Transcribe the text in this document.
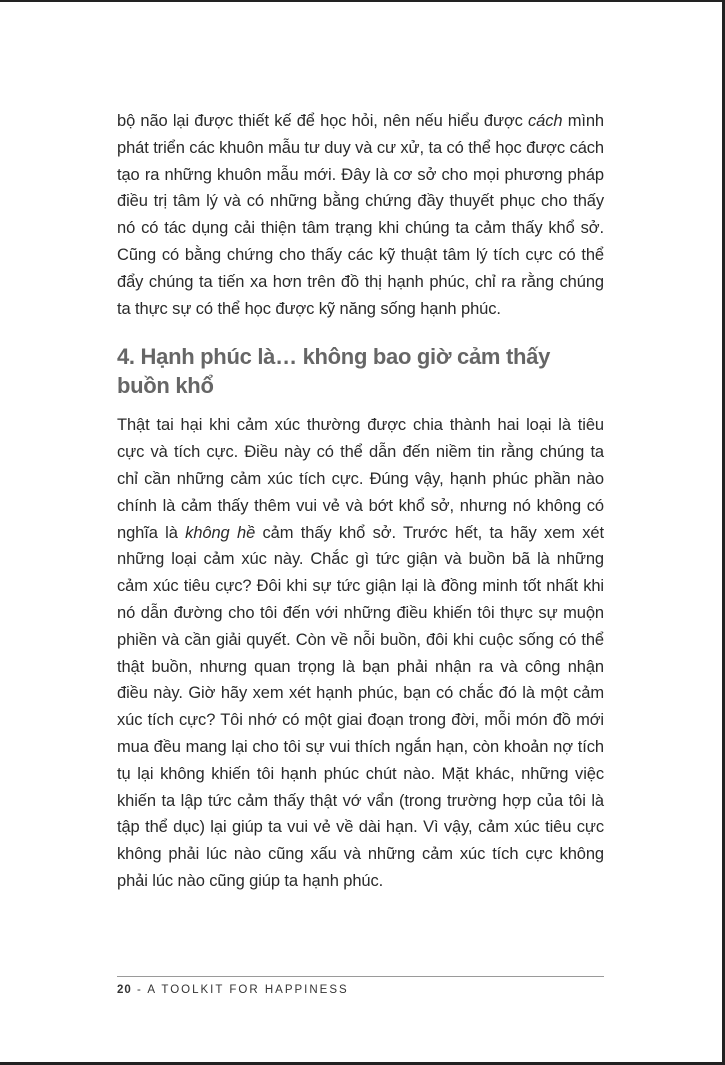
bộ não lại được thiết kế để học hỏi, nên nếu hiểu được cách mình phát triển các khuôn mẫu tư duy và cư xử, ta có thể học được cách tạo ra những khuôn mẫu mới. Đây là cơ sở cho mọi phương pháp điều trị tâm lý và có những bằng chứng đầy thuyết phục cho thấy nó có tác dụng cải thiện tâm trạng khi chúng ta cảm thấy khổ sở. Cũng có bằng chứng cho thấy các kỹ thuật tâm lý tích cực có thể đẩy chúng ta tiến xa hơn trên đồ thị hạnh phúc, chỉ ra rằng chúng ta thực sự có thể học được kỹ năng sống hạnh phúc.

4. Hạnh phúc là… không bao giờ cảm thấy buồn khổ

Thật tai hại khi cảm xúc thường được chia thành hai loại là tiêu cực và tích cực. Điều này có thể dẫn đến niềm tin rằng chúng ta chỉ cần những cảm xúc tích cực. Đúng vậy, hạnh phúc phần nào chính là cảm thấy thêm vui vẻ và bớt khổ sở, nhưng nó không có nghĩa là không hề cảm thấy khổ sở. Trước hết, ta hãy xem xét những loại cảm xúc này. Chắc gì tức giận và buồn bã là những cảm xúc tiêu cực? Đôi khi sự tức giận lại là đồng minh tốt nhất khi nó dẫn đường cho tôi đến với những điều khiến tôi thực sự muộn phiền và cần giải quyết. Còn về nỗi buồn, đôi khi cuộc sống có thể thật buồn, nhưng quan trọng là bạn phải nhận ra và công nhận điều này. Giờ hãy xem xét hạnh phúc, bạn có chắc đó là một cảm xúc tích cực? Tôi nhớ có một giai đoạn trong đời, mỗi món đồ mới mua đều mang lại cho tôi sự vui thích ngắn hạn, còn khoản nợ tích tụ lại không khiến tôi hạnh phúc chút nào. Mặt khác, những việc khiến ta lập tức cảm thấy thật vớ vẩn (trong trường hợp của tôi là tập thể dục) lại giúp ta vui vẻ về dài hạn. Vì vậy, cảm xúc tiêu cực không phải lúc nào cũng xấu và những cảm xúc tích cực không phải lúc nào cũng giúp ta hạnh phúc.

20 - A TOOLKIT FOR HAPPINESS
